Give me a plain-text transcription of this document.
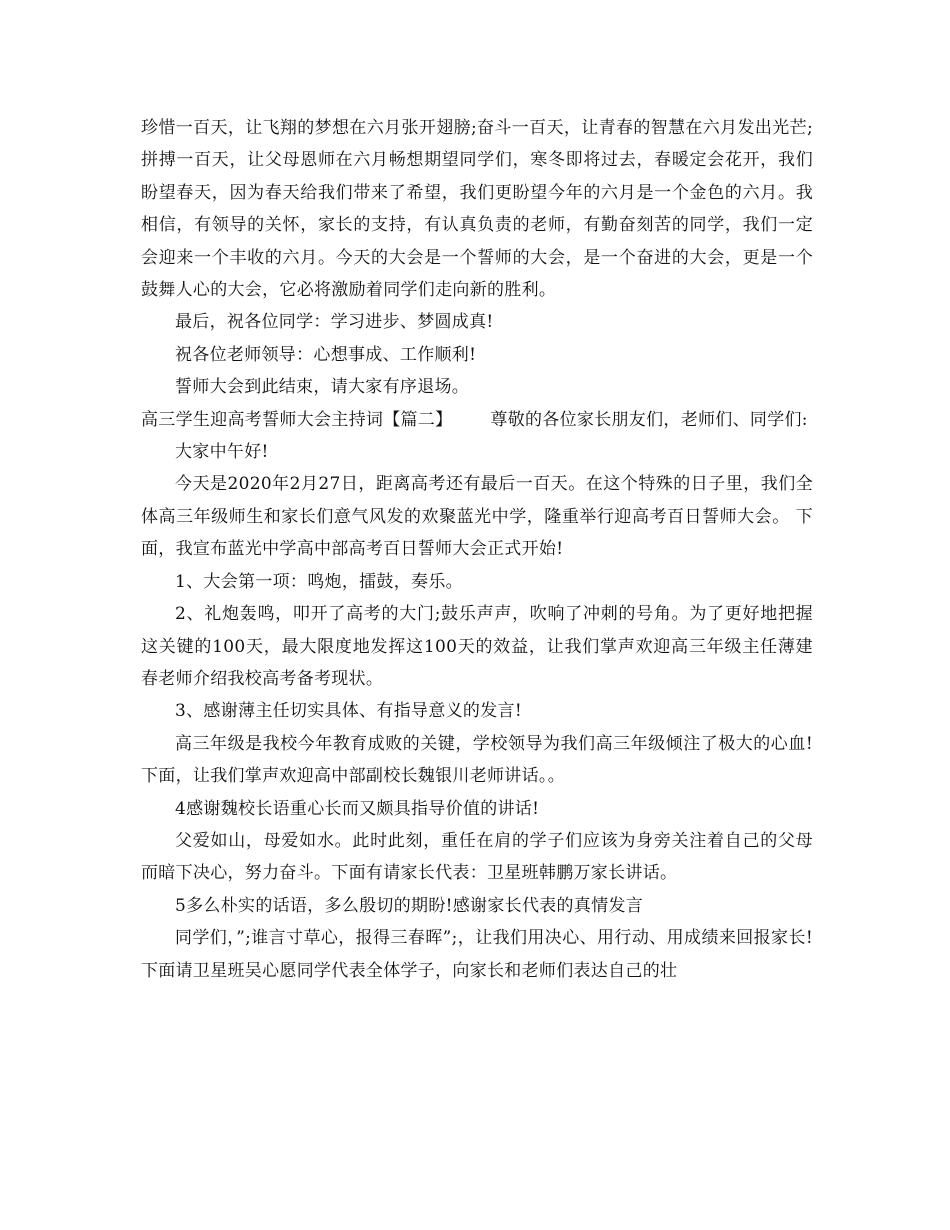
珍惜一百天，让飞翔的梦想在六月张开翅膀;奋斗一百天，让青春的智慧在六月发出光芒;拼搏一百天，让父母恩师在六月畅想期望同学们，寒冬即将过去，春暖定会花开，我们盼望春天，因为春天给我们带来了希望，我们更盼望今年的六月是一个金色的六月。我相信，有领导的关怀，家长的支持，有认真负责的老师，有勤奋刻苦的同学，我们一定会迎来一个丰收的六月。今天的大会是一个誓师的大会，是一个奋进的大会，更是一个鼓舞人心的大会，它必将激励着同学们走向新的胜利。

最后，祝各位同学：学习进步、梦圆成真!

祝各位老师领导：心想事成、工作顺利!

誓师大会到此结束，请大家有序退场。

高三学生迎高考誓师大会主持词【篇二】 尊敬的各位家长朋友们，老师们、同学们:

大家中午好!

今天是2020年2月27日，距离高考还有最后一百天。在这个特殊的日子里，我们全体高三年级师生和家长们意气风发的欢聚蓝光中学，隆重举行迎高考百日誓师大会。 下面，我宣布蓝光中学高中部高考百日誓师大会正式开始!

1、大会第一项：鸣炮，擂鼓，奏乐。

2、礼炮轰鸣，叩开了高考的大门;鼓乐声声，吹响了冲刺的号角。为了更好地把握这关键的100天，最大限度地发挥这100天的效益，让我们掌声欢迎高三年级主任薄建春老师介绍我校高考备考现状。

3、感谢薄主任切实具体、有指导意义的发言!

高三年级是我校今年教育成败的关键，学校领导为我们高三年级倾注了极大的心血!下面，让我们掌声欢迎高中部副校长魏银川老师讲话。。

4感谢魏校长语重心长而又颇具指导价值的讲话!

父爱如山，母爱如水。此时此刻，重任在肩的学子们应该为身旁关注着自己的父母而暗下决心，努力奋斗。下面有请家长代表：卫星班韩鹏万家长讲话。

5多么朴实的话语，多么殷切的期盼!感谢家长代表的真情发言

同学们，”;谁言寸草心，报得三春晖”;，让我们用决心、用行动、用成绩来回报家长!下面请卫星班吴心愿同学代表全体学子，向家长和老师们表达自己的壮
